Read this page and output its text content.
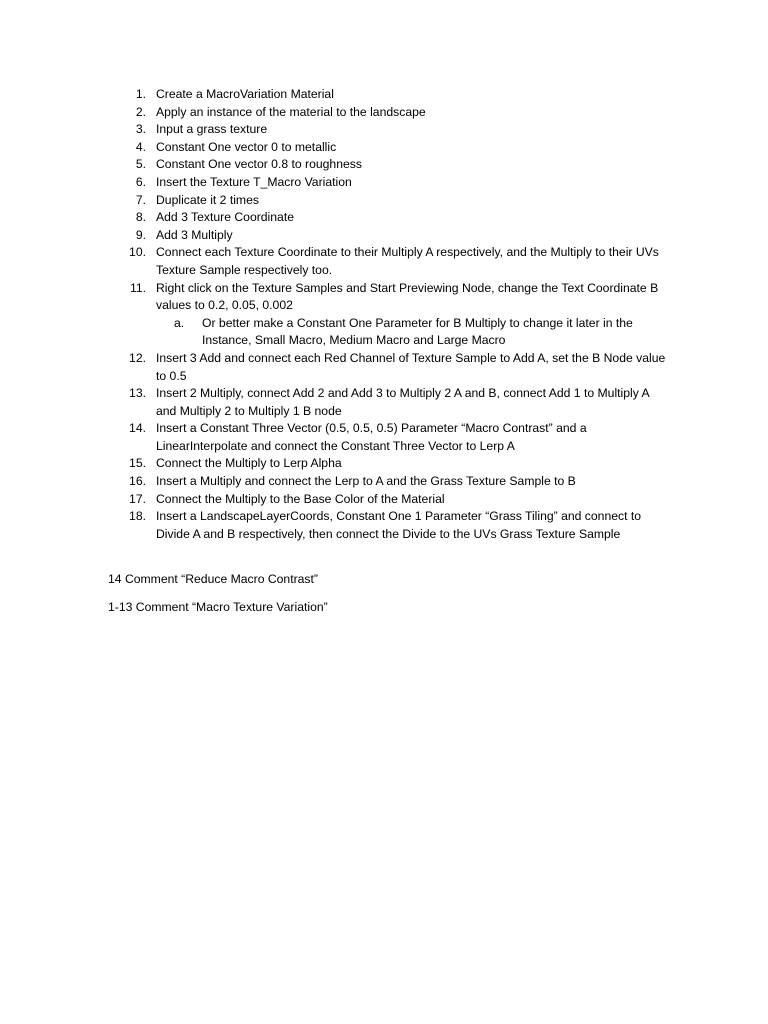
1. Create a MacroVariation Material
2. Apply an instance of the material to the landscape
3. Input a grass texture
4. Constant One vector 0 to metallic
5. Constant One vector 0.8 to roughness
6. Insert the Texture T_Macro Variation
7. Duplicate it 2 times
8. Add 3 Texture Coordinate
9. Add 3 Multiply
10. Connect each Texture Coordinate to their Multiply A respectively, and the Multiply to their UVs Texture Sample respectively too.
11. Right click on the Texture Samples and Start Previewing Node, change the Text Coordinate B values to 0.2, 0.05, 0.002
a. Or better make a Constant One Parameter for B Multiply to change it later in the Instance, Small Macro, Medium Macro and Large Macro
12. Insert 3 Add and connect each Red Channel of Texture Sample to Add A, set the B Node value to 0.5
13. Insert 2 Multiply, connect Add 2 and Add 3 to Multiply 2 A and B, connect Add 1 to Multiply A and Multiply 2 to Multiply 1 B node
14. Insert a Constant Three Vector (0.5, 0.5, 0.5) Parameter “Macro Contrast” and a LinearInterpolate and connect the Constant Three Vector to Lerp A
15. Connect the Multiply to Lerp Alpha
16. Insert a Multiply and connect the Lerp to A and the Grass Texture Sample to B
17. Connect the Multiply to the Base Color of the Material
18. Insert a LandscapeLayerCoords, Constant One 1 Parameter “Grass Tiling” and connect to Divide A and B respectively, then connect the Divide to the UVs Grass Texture Sample

14 Comment “Reduce Macro Contrast”

1-13 Comment “Macro Texture Variation”
